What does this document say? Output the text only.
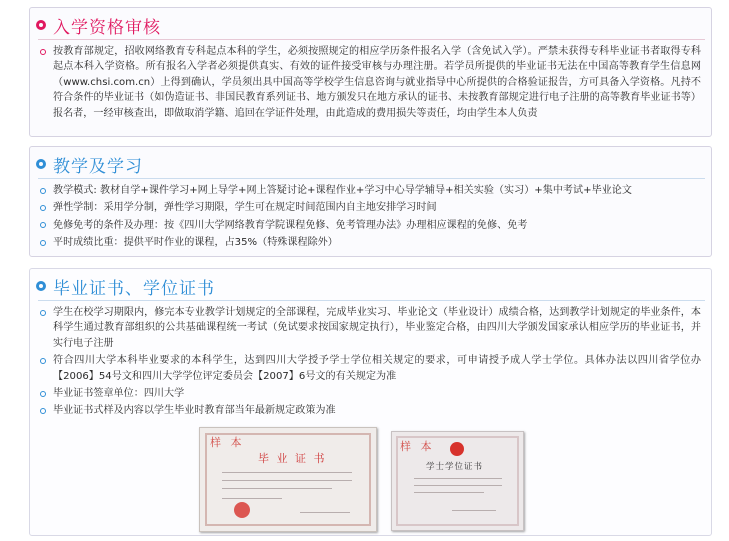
入学资格审核
按教育部规定，招收网络教育专科起点本科的学生，必须按照规定的相应学历条件报名入学（含免试入学）。严禁未获得专科毕业证书者取得专科起点本科入学资格。所有报名入学者必须提供真实、有效的证件接受审核与办理注册。若学员所提供的毕业证书无法在中国高等教育学生信息网（www.chsi.com.cn）上得到确认，学员须出具中国高等学校学生信息咨询与就业指导中心所提供的合格验证报告，方可具备入学资格。凡持不符合条件的毕业证书（如伪造证书、非国民教育系列证书、地方颁发只在地方承认的证书、未按教育部规定进行电子注册的高等教育毕业证书等）报名者，一经审核查出，即做取消学籍、追回在学证件处理，由此造成的费用损失等责任，均由学生本人负责
教学及学习
教学模式: 教材自学+课件学习+网上导学+网上答疑讨论+课程作业+学习中心导学辅导+相关实验（实习）+集中考试+毕业论文
弹性学制：采用学分制，弹性学习期限，学生可在规定时间范围内自主地安排学习时间
免修免考的条件及办理：按《四川大学网络教育学院课程免修、免考管理办法》办理相应课程的免修、免考
平时成绩比重：提供平时作业的课程，占35%（特殊课程除外）
毕业证书、学位证书
学生在校学习期限内，修完本专业教学计划规定的全部课程，完成毕业实习、毕业论文（毕业设计）成绩合格，达到教学计划规定的毕业条件，本科学生通过教育部组织的公共基础课程统一考试（免试要求按国家规定执行），毕业鉴定合格，由四川大学颁发国家承认相应学历的毕业证书，并实行电子注册
符合四川大学本科毕业要求的本科学生，达到四川大学授予学士学位相关规定的要求，可申请授予成人学士学位。具体办法以四川省学位办【2006】54号文和四川大学学位评定委员会【2007】6号文的有关规定为准
毕业证书签章单位：四川大学
毕业证书式样及内容以学生毕业时教育部当年最新规定政策为准
样 本
毕 业 证 书
样 本
学士学位证书
